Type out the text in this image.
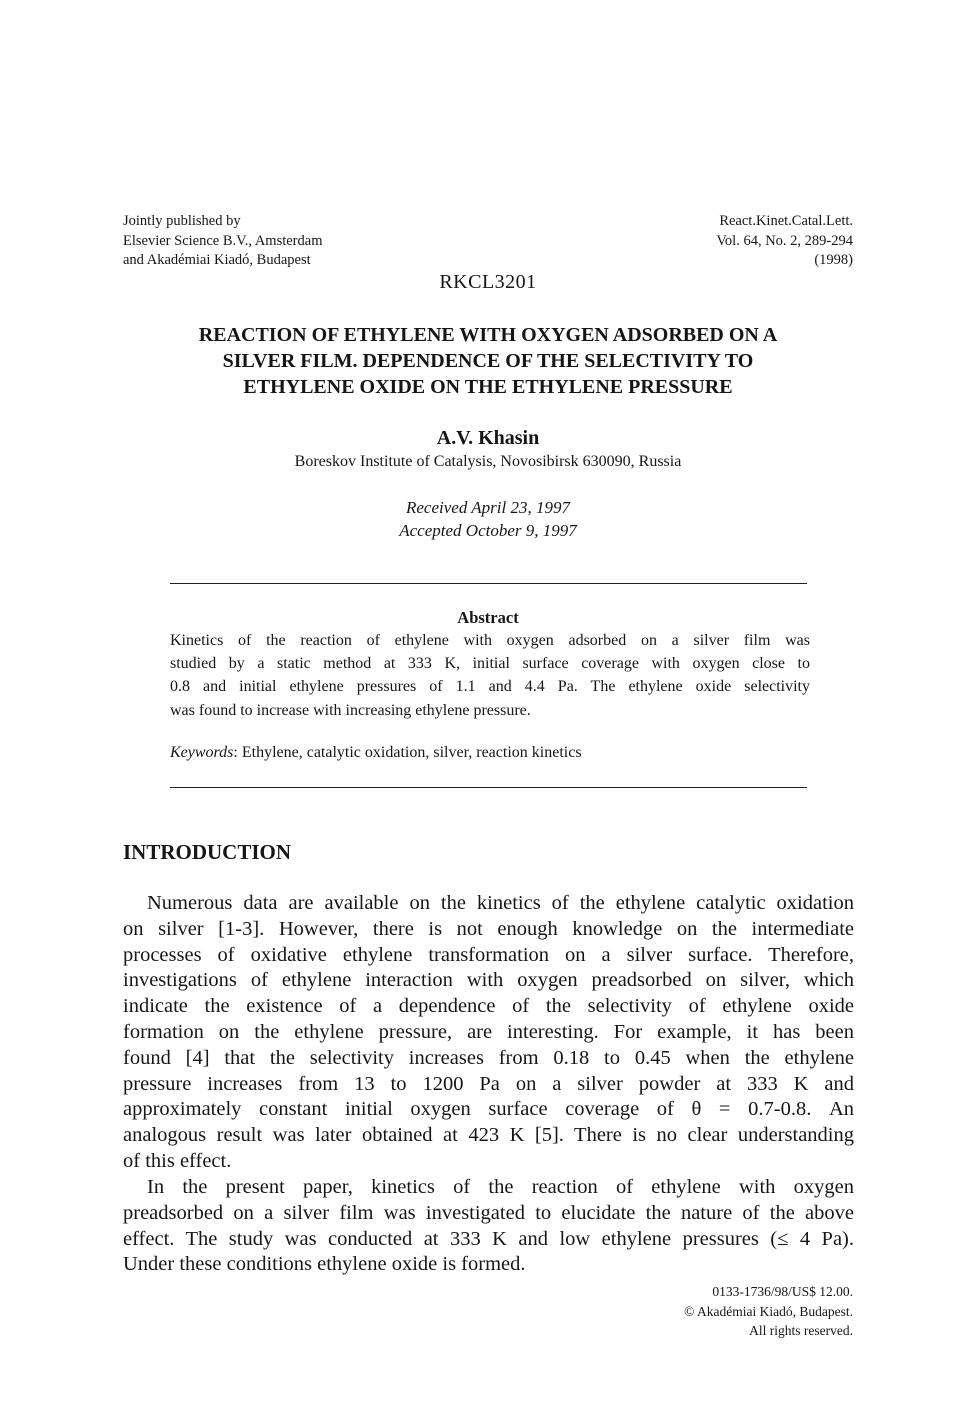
Jointly published by
Elsevier Science B.V., Amsterdam
and Akadémiai Kiadó, Budapest
React.Kinet.Catal.Lett.
Vol. 64, No. 2, 289-294
(1998)
RKCL3201
REACTION OF ETHYLENE WITH OXYGEN ADSORBED ON A
SILVER FILM. DEPENDENCE OF THE SELECTIVITY TO
ETHYLENE OXIDE ON THE ETHYLENE PRESSURE
A.V. Khasin
Boreskov Institute of Catalysis, Novosibirsk 630090, Russia
Received April 23, 1997
Accepted October 9, 1997
Abstract
Kinetics of the reaction of ethylene with oxygen adsorbed on a silver film was
studied by a static method at 333 K, initial surface coverage with oxygen close to
0.8 and initial ethylene pressures of 1.1 and 4.4 Pa. The ethylene oxide selectivity
was found to increase with increasing ethylene pressure.
Keywords: Ethylene, catalytic oxidation, silver, reaction kinetics
INTRODUCTION
Numerous data are available on the kinetics of the ethylene catalytic oxidation
on silver [1-3]. However, there is not enough knowledge on the intermediate
processes of oxidative ethylene transformation on a silver surface. Therefore,
investigations of ethylene interaction with oxygen preadsorbed on silver, which
indicate the existence of a dependence of the selectivity of ethylene oxide
formation on the ethylene pressure, are interesting. For example, it has been
found [4] that the selectivity increases from 0.18 to 0.45 when the ethylene
pressure increases from 13 to 1200 Pa on a silver powder at 333 K and
approximately constant initial oxygen surface coverage of θ = 0.7-0.8. An
analogous result was later obtained at 423 K [5]. There is no clear understanding
of this effect.
In the present paper, kinetics of the reaction of ethylene with oxygen
preadsorbed on a silver film was investigated to elucidate the nature of the above
effect. The study was conducted at 333 K and low ethylene pressures (≤ 4 Pa).
Under these conditions ethylene oxide is formed.
0133-1736/98/US$ 12.00.
© Akadémiai Kiadó, Budapest.
All rights reserved.
